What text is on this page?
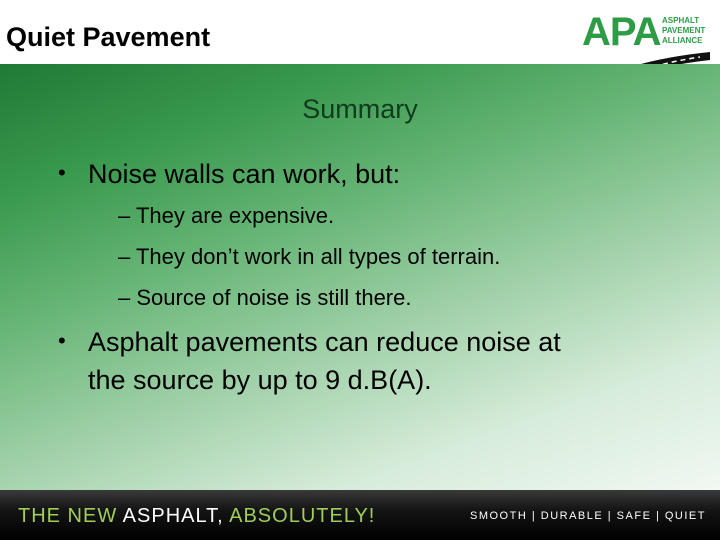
Quiet Pavement	APA ASPHALT
PAVEMENT
ALLIANCE
Summary
• Noise walls can work, but:
– They are expensive.
– They don’t work in all types of terrain.
– Source of noise is still there.
• Asphalt pavements can reduce noise at
the source by up to 9 d.B(A).
THE NEW ASPHALT, ABSOLUTELY!	SMOOTH | DURABLE | SAFE | QUIET
